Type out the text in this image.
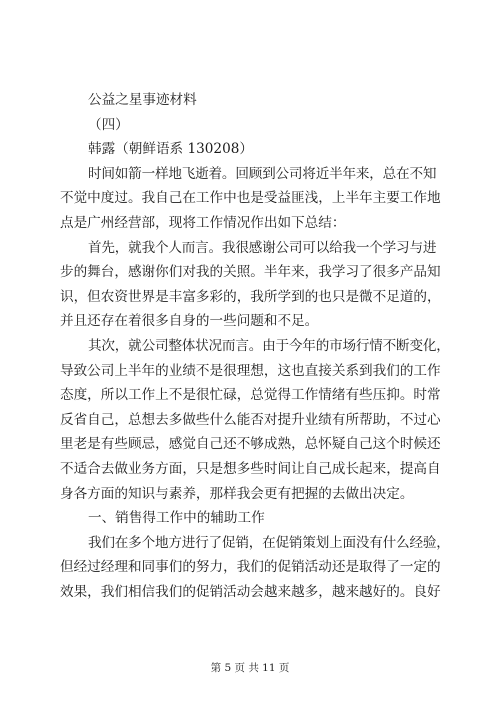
公益之星事迹材料
（四）
韩露（朝鲜语系 130208）
时间如箭一样地飞逝着。回顾到公司将近半年来，总在不知
不觉中度过。我自己在工作中也是受益匪浅，上半年主要工作地
点是广州经营部，现将工作情况作出如下总结：
首先，就我个人而言。我很感谢公司可以给我一个学习与进
步的舞台，感谢你们对我的关照。半年来，我学习了很多产品知
识，但农资世界是丰富多彩的，我所学到的也只是微不足道的，
并且还存在着很多自身的一些问题和不足。
其次，就公司整体状况而言。由于今年的市场行情不断变化，
导致公司上半年的业绩不是很理想，这也直接关系到我们的工作
态度，所以工作上不是很忙碌，总觉得工作情绪有些压抑。时常
反省自己，总想去多做些什么能否对提升业绩有所帮助，不过心
里老是有些顾忌，感觉自己还不够成熟，总怀疑自己这个时候还
不适合去做业务方面，只是想多些时间让自己成长起来，提高自
身各方面的知识与素养，那样我会更有把握的去做出决定。
一、销售得工作中的辅助工作
我们在多个地方进行了促销，在促销策划上面没有什么经验，
但经过经理和同事们的努力，我们的促销活动还是取得了一定的
效果，我们相信我们的促销活动会越来越多，越来越好的。良好
第 5 页 共 11 页
